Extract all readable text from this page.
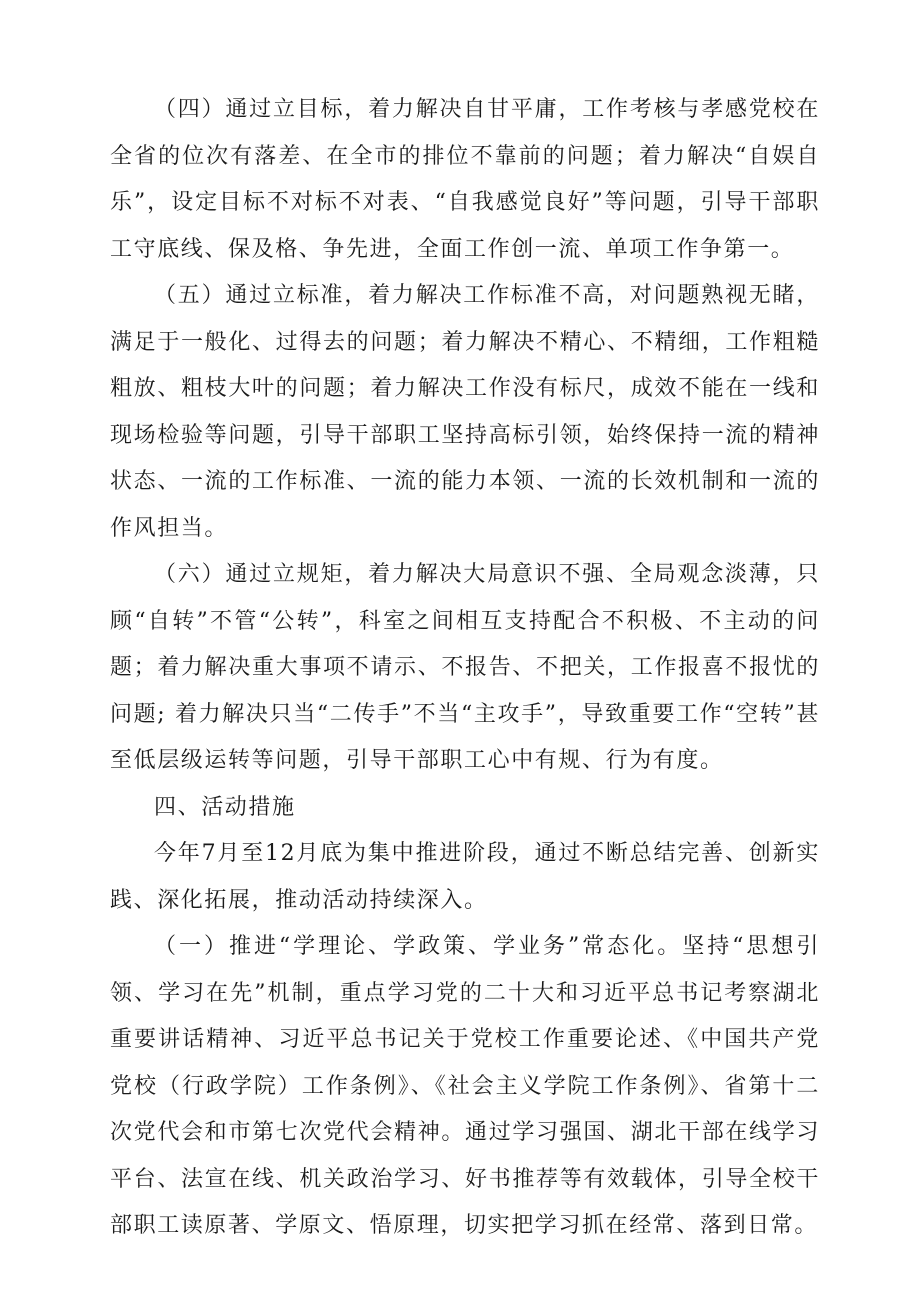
（四）通过立目标，着力解决自甘平庸，工作考核与孝感党校在全省的位次有落差、在全市的排位不靠前的问题；着力解决“自娱自乐”，设定目标不对标不对表、“自我感觉良好”等问题，引导干部职工守底线、保及格、争先进，全面工作创一流、单项工作争第一。

（五）通过立标准，着力解决工作标准不高，对问题熟视无睹，满足于一般化、过得去的问题；着力解决不精心、不精细，工作粗糙粗放、粗枝大叶的问题；着力解决工作没有标尺，成效不能在一线和现场检验等问题，引导干部职工坚持高标引领，始终保持一流的精神状态、一流的工作标准、一流的能力本领、一流的长效机制和一流的作风担当。

（六）通过立规矩，着力解决大局意识不强、全局观念淡薄，只顾“自转”不管“公转”，科室之间相互支持配合不积极、不主动的问题；着力解决重大事项不请示、不报告、不把关，工作报喜不报忧的问题; 着力解决只当“二传手”不当“主攻手”，导致重要工作“空转”甚至低层级运转等问题，引导干部职工心中有规、行为有度。

四、活动措施

今年7月至12月底为集中推进阶段，通过不断总结完善、创新实践、深化拓展，推动活动持续深入。

（一）推进“学理论、学政策、学业务”常态化。坚持“思想引领、学习在先”机制，重点学习党的二十大和习近平总书记考察湖北重要讲话精神、习近平总书记关于党校工作重要论述、《中国共产党党校（行政学院）工作条例》、《社会主义学院工作条例》、省第十二次党代会和市第七次党代会精神。通过学习强国、湖北干部在线学习平台、法宣在线、机关政治学习、好书推荐等有效载体，引导全校干部职工读原著、学原文、悟原理，切实把学习抓在经常、落到日常。
